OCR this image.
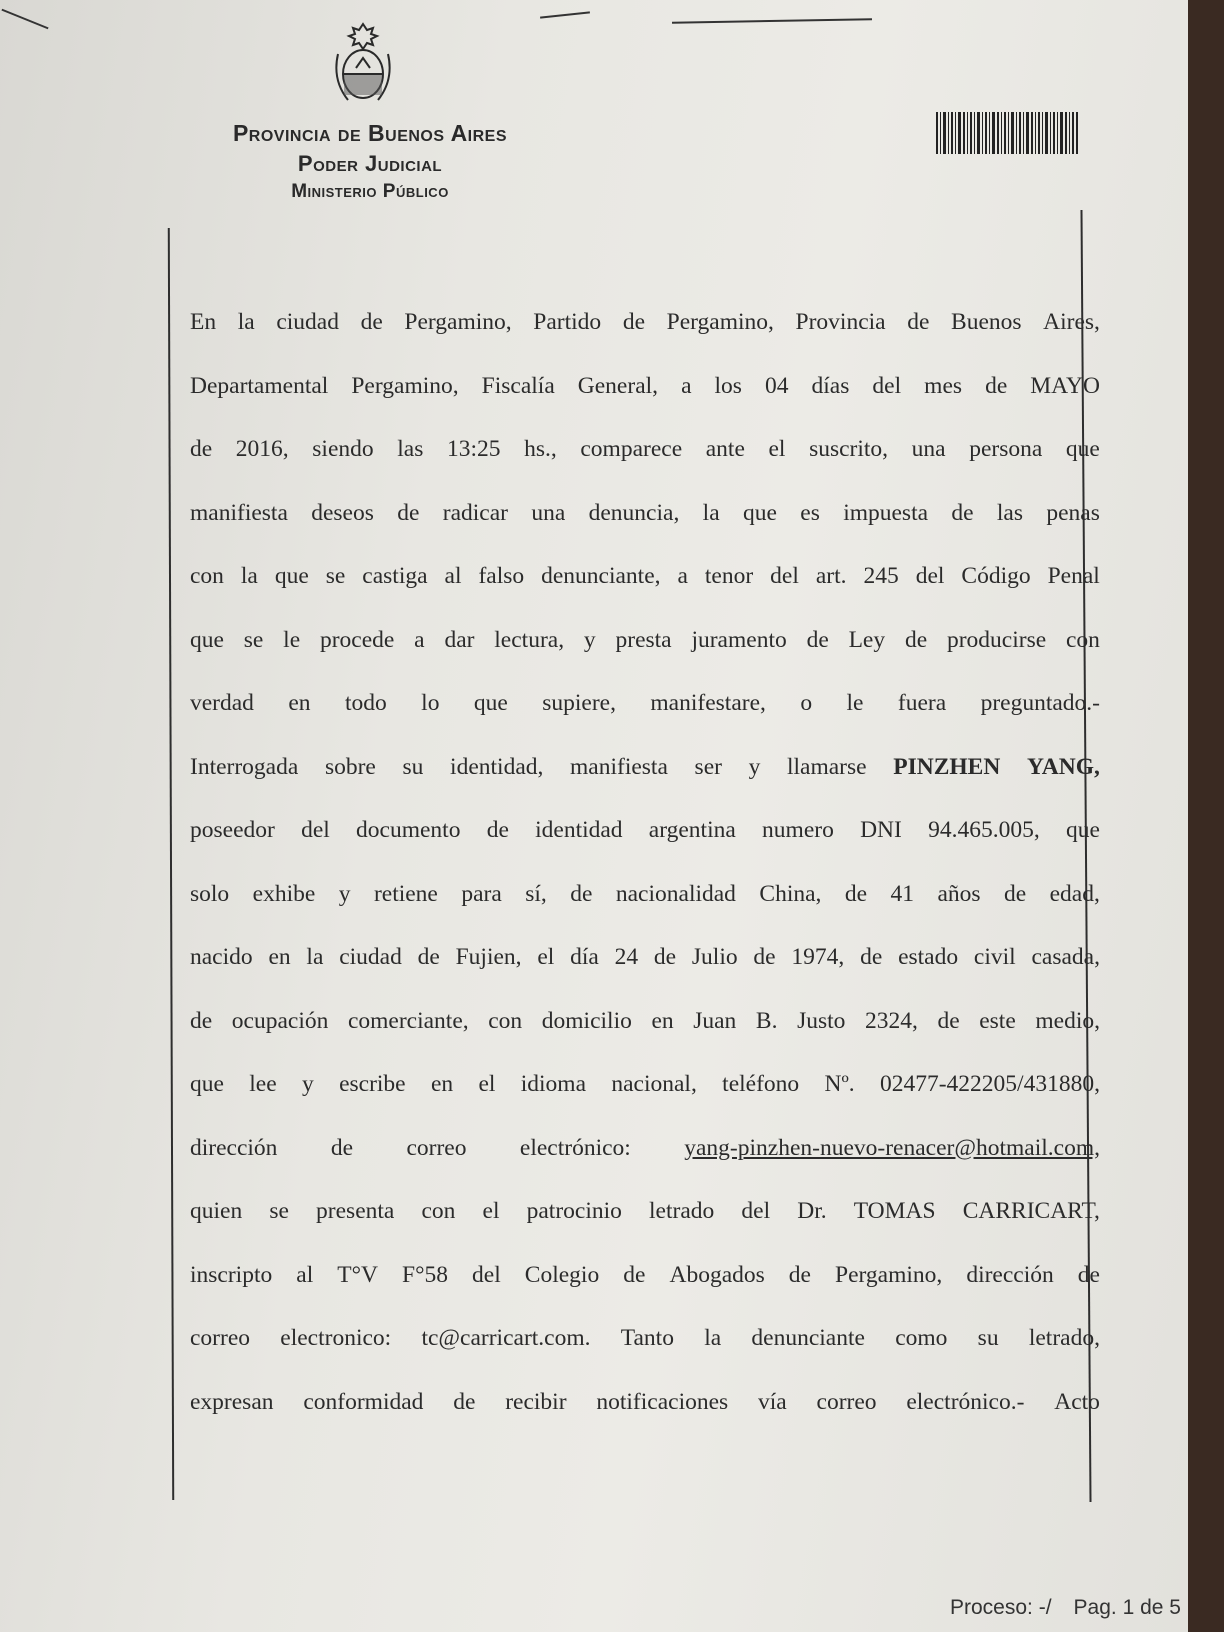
Provincia de Buenos Aires
Poder Judicial
Ministerio Público
En la ciudad de Pergamino, Partido de Pergamino, Provincia de Buenos Aires,
Departamental Pergamino, Fiscalía General, a los 04 días del mes de MAYO
de 2016, siendo las 13:25 hs., comparece ante el suscrito, una persona que
manifiesta deseos de radicar una denuncia, la que es impuesta de las penas
con la que se castiga al falso denunciante, a tenor del art. 245 del Código Penal
que se le procede a dar lectura, y presta juramento de Ley de producirse con
verdad en todo lo que supiere, manifestare, o le fuera preguntado.-
Interrogada sobre su identidad, manifiesta ser y llamarse PINZHEN YANG,
poseedor del documento de identidad argentina numero DNI 94.465.005, que
solo exhibe y retiene para sí, de nacionalidad China, de 41 años de edad,
nacido en la ciudad de Fujien, el día 24 de Julio de 1974, de estado civil casada,
de ocupación comerciante, con domicilio en Juan B. Justo 2324, de este medio,
que lee y escribe en el idioma nacional, teléfono Nº. 02477-422205/431880,
dirección de correo electrónico: yang-pinzhen-nuevo-renacer@hotmail.com,
quien se presenta con el patrocinio letrado del Dr. TOMAS CARRICART,
inscripto al T°V F°58 del Colegio de Abogados de Pergamino, dirección de
correo electronico: tc@carricart.com. Tanto la denunciante como su letrado,
expresan conformidad de recibir notificaciones vía correo electrónico.- Acto
Proceso: -/ Pag. 1 de 5
